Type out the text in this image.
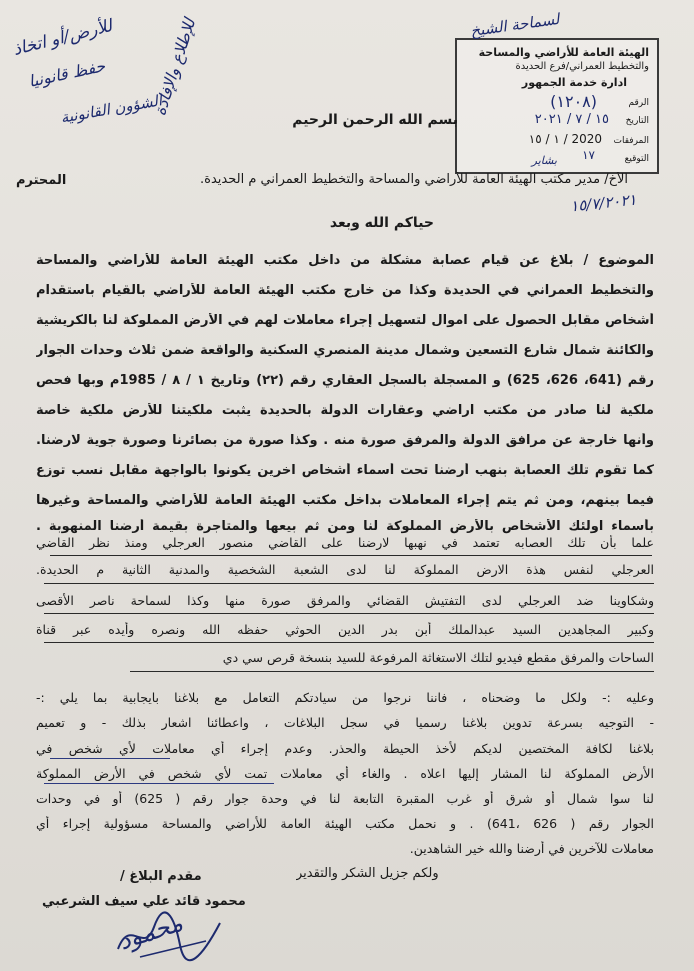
الهيئة العامة للأراضي والمساحة
والتخطيط العمراني/فرع الحديدة
ادارة خدمة الجمهور
الرقم
(١٢٠٨)
التاريخ
١٥ / ٧ / ٢٠٢١
2020 / ١ / ١٥ المرفقات
١٧	التوقيع
بشاير
للأرض/أو اتخاذ
حفظ قانونيا
الشؤون القانونية
للإطلاع والإفادة	لسماحة الشيخ
١٥/٧/٢٠٢١
بسم الله الرحمن الرحيم
الأخ/ مدير مكتب الهيئة العامة للأراضي والمساحة والتخطيط العمراني م الحديدة.
المحترم
حياكم الله وبعد
الموضوع / بلاغ عن قيام عصابة مشكلة من داخل مكتب الهيئة العامة للأراضي والمساحة
والتخطيط العمراني في الحديدة وكذا من خارج مكتب الهيئة العامة للأراضي بالقيام باستقدام
أشخاص مقابل الحصول على اموال لتسهيل إجراء معاملات لهم في الأرض المملوكة لنا بالكريشية
والكائنة شمال شارع التسعين وشمال مدينة المنصري السكنية والواقعة ضمن ثلاث وحدات الجوار
رقم (641، 626، 625) و المسجلة بالسجل العقاري رقم (٢٢) وتاريخ ١ / ٨ / 1985م وبها فحص
ملكية لنا صادر من مكتب اراضي وعقارات الدولة بالحديدة يثبت ملكيتنا للأرض ملكية خاصة
وأنها خارجة عن مرافق الدولة والمرفق صورة منه . وكذا صورة من بصائرنا وصورة جوية لارضنا.
كما تقوم تلك العصابة بنهب أرضنا تحت أسماء أشخاص اخرين يكونوا بالواجهة مقابل نسب توزع
فيما بينهم، ومن ثم يتم إجراء المعاملات بداخل مكتب الهيئة العامة للأراضي والمساحة وغيرها
بأسماء اولئك الأشخاص بالأرض المملوكة لنا ومن ثم بيعها والمتاجرة بقيمة أرضنا المنهوبة .
علما بأن تلك العصابه تعتمد في نهبها لارضنا على القاضي منصور العرجلي ومنذ نظر القاضي
العرجلي لنفس هذة الارض المملوكة لنا لدى الشعبة الشخصية والمدنية الثانية م الحديدة.
وشكاوينا ضد العرجلي لدى التفتيش القضائي والمرفق صورة منها وكذا لسماحة ناصر الأقصى
وكبير المجاهدين السيد عبدالملك أبن بدر الدين الحوثي حفظه الله ونصره وأيده عبر قناة
الساحات والمرفق مقطع فيديو لتلك الاستغاثة المرفوعة للسيد بنسخة قرص سي دي
وعليه :- ولكل ما وضحناه ، فاننا نرجوا من سيادتكم التعامل مع بلاغنا بايجابية بما يلي :-
- التوجيه بسرعة تدوين بلاغنا رسميا في سجل البلاغات ، واعطائنا اشعار بذلك - و تعميم
بلاغنا لكافة المختصين لديكم لأخذ الحيطة والحذر. وعدم إجراء أي معاملات لأي شخص في
الأرض المملوكة لنا المشار إليها اعلاه . والغاء أي معاملات تمت لأي شخص في الأرض المملوكة
لنا سوا شمال أو شرق أو غرب المقبرة التابعة لنا في وحدة جوار رقم ( 625) أو في وحدات
الجوار رقم ( 626 ،641) . و نحمل مكتب الهيئة العامة للأراضي والمساحة مسؤولية إجراء أي
معاملات للآخرين في أرضنا والله خير الشاهدين.
ولكم جزيل الشكر والتقدير
مقدم البلاغ /
محمود قائد علي سيف الشرعبي
محمود
